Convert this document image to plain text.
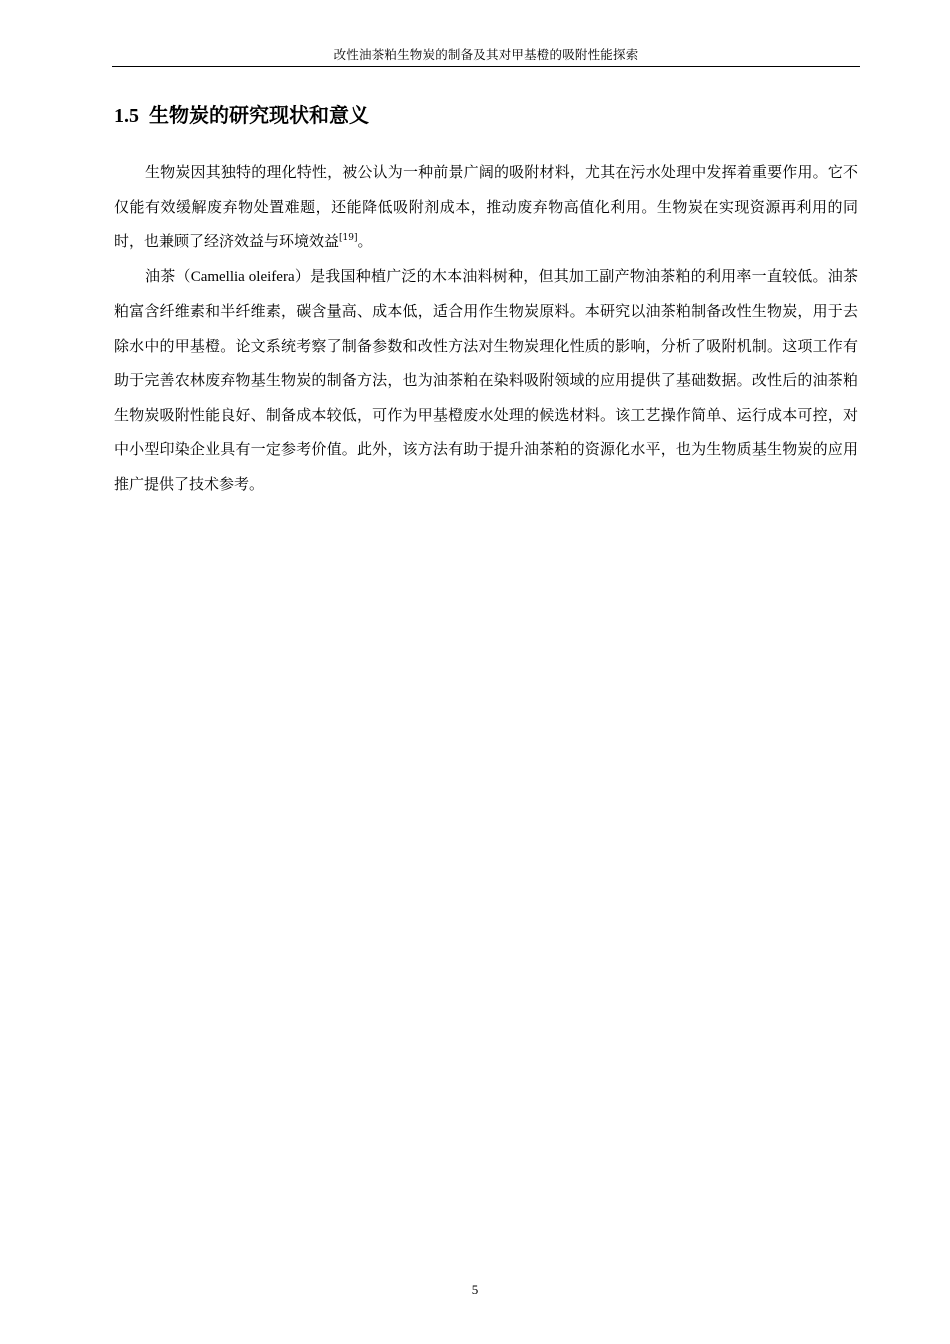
改性油茶粕生物炭的制备及其对甲基橙的吸附性能探索
1.5 生物炭的研究现状和意义

生物炭因其独特的理化特性，被公认为一种前景广阔的吸附材料，尤其在污水处理中发挥着重要作用。它不仅能有效缓解废弃物处置难题，还能降低吸附剂成本，推动废弃物高值化利用。生物炭在实现资源再利用的同时，也兼顾了经济效益与环境效益[19]。

油茶（Camellia oleifera）是我国种植广泛的木本油料树种，但其加工副产物油茶粕的利用率一直较低。油茶粕富含纤维素和半纤维素，碳含量高、成本低，适合用作生物炭原料。本研究以油茶粕制备改性生物炭，用于去除水中的甲基橙。论文系统考察了制备参数和改性方法对生物炭理化性质的影响，分析了吸附机制。这项工作有助于完善农林废弃物基生物炭的制备方法，也为油茶粕在染料吸附领域的应用提供了基础数据。改性后的油茶粕生物炭吸附性能良好、制备成本较低，可作为甲基橙废水处理的候选材料。该工艺操作简单、运行成本可控，对中小型印染企业具有一定参考价值。此外，该方法有助于提升油茶粕的资源化水平，也为生物质基生物炭的应用推广提供了技术参考。

5
